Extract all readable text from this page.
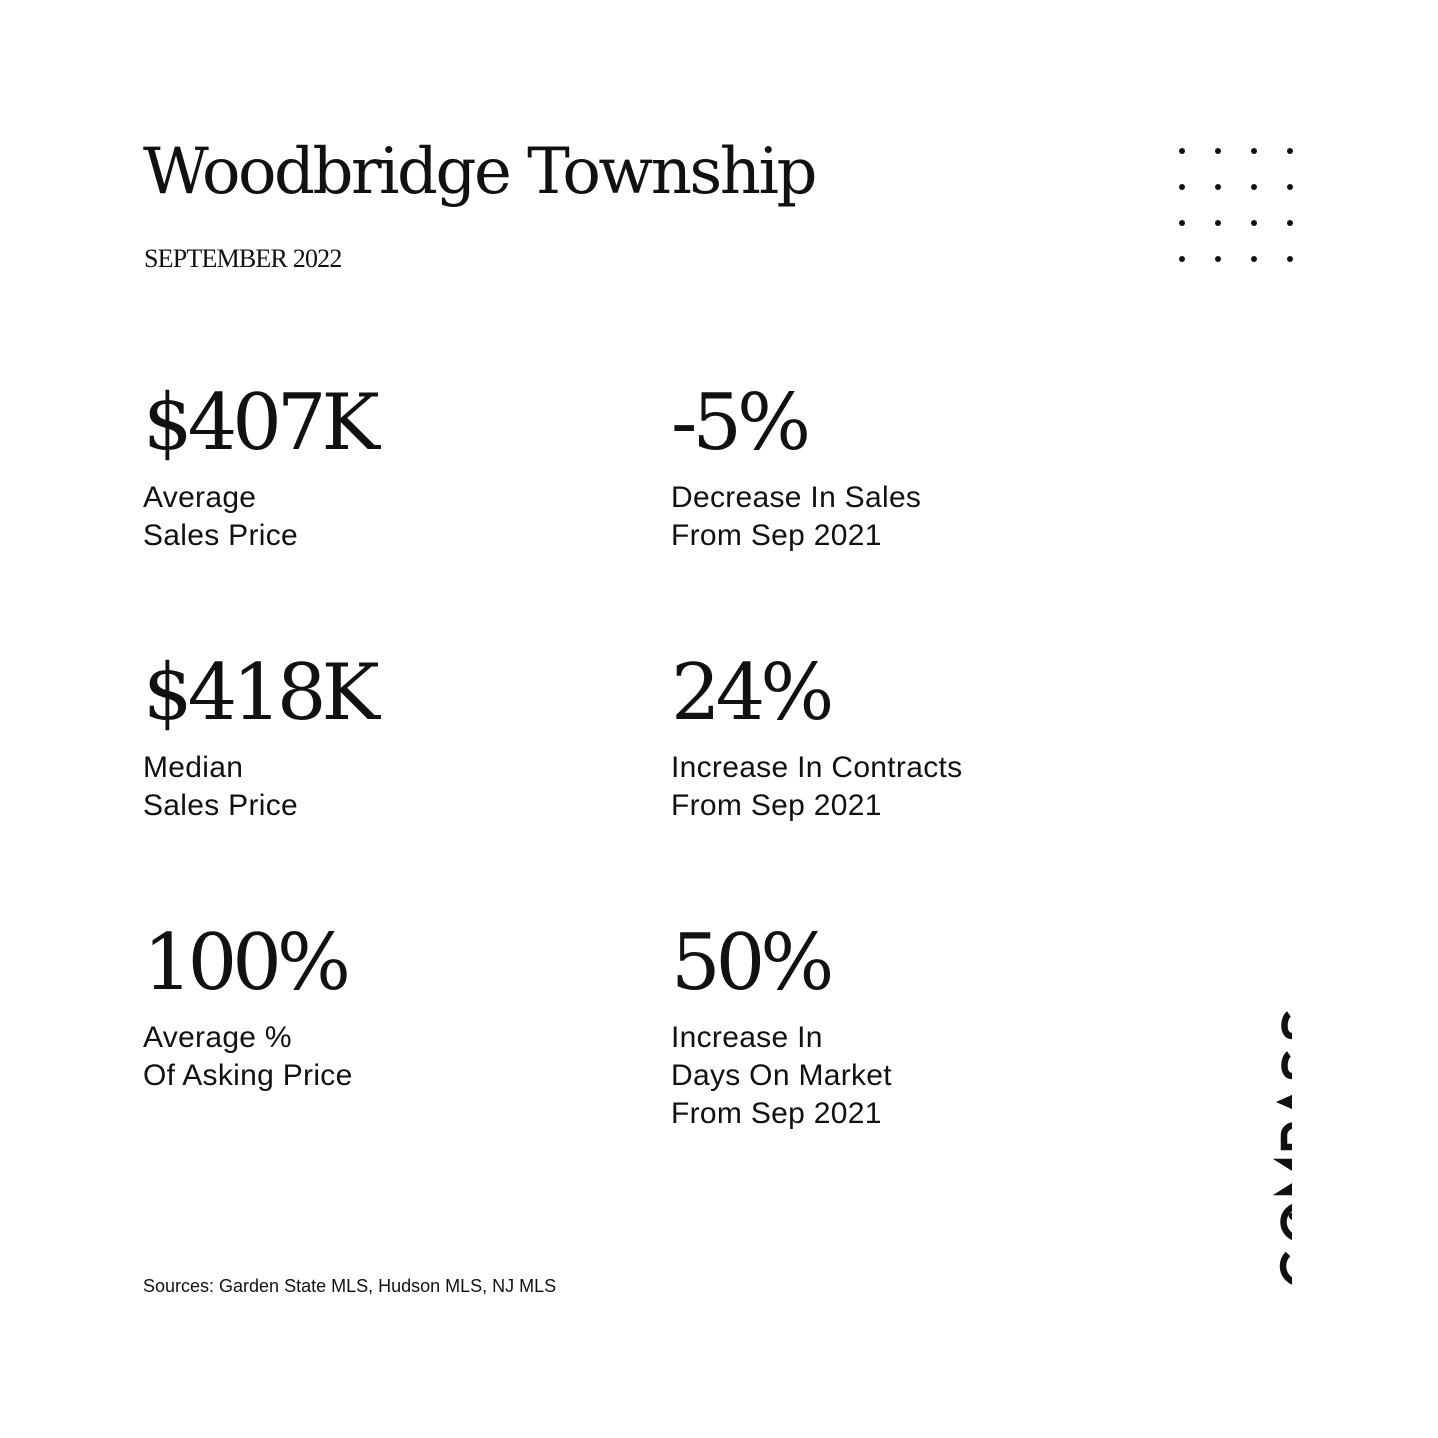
Woodbridge Township
SEPTEMBER 2022
$407K
Average
Sales Price
-5%
Decrease In Sales
From Sep 2021
$418K
Median
Sales Price
24%
Increase In Contracts
From Sep 2021
100%
Average %
Of Asking Price
50%
Increase In
Days On Market
From Sep 2021
Sources: Garden State MLS, Hudson MLS, NJ MLS
